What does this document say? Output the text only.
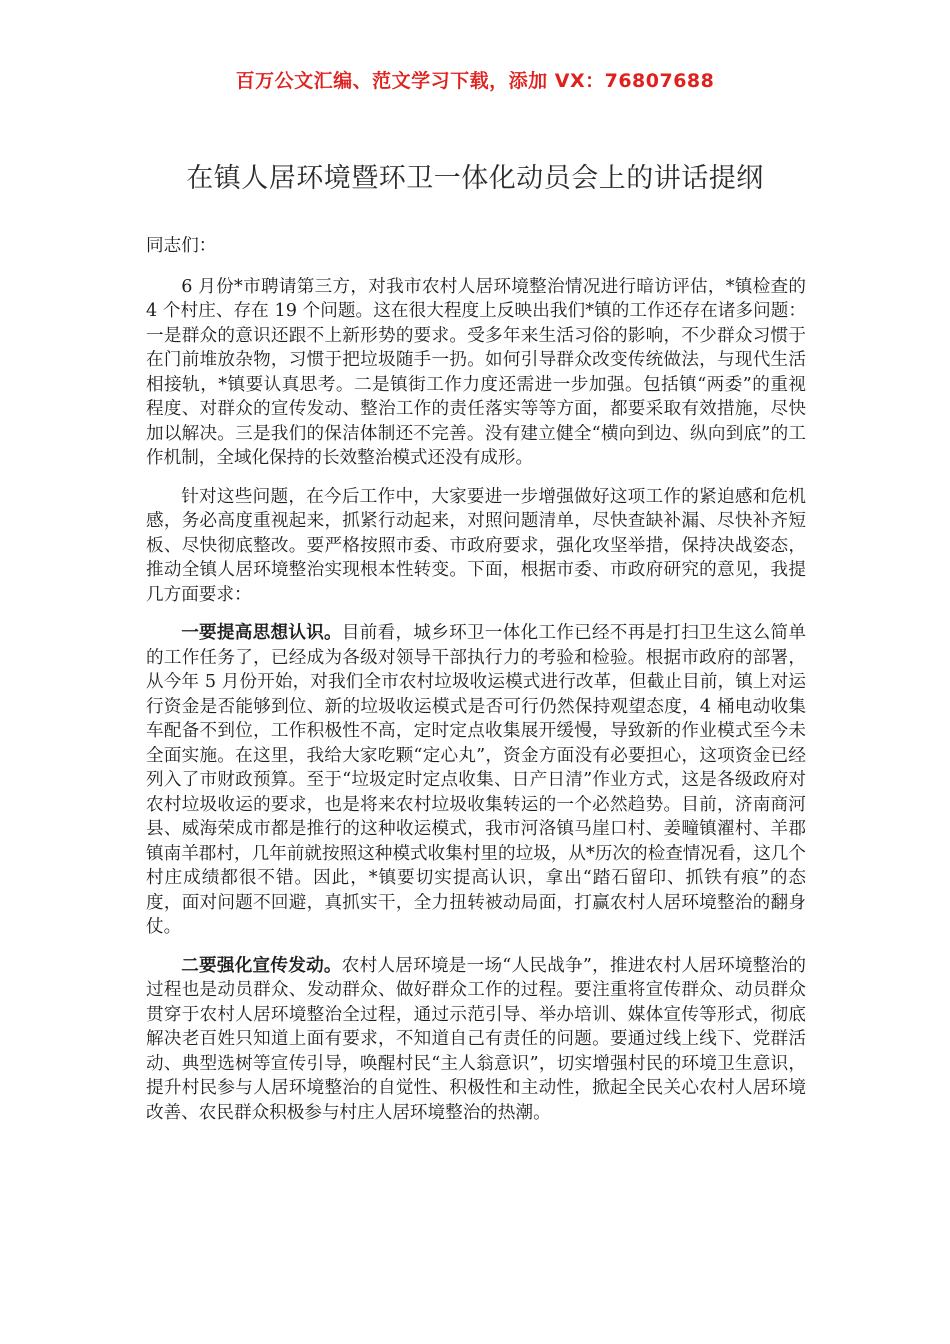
百万公文汇编、范文学习下载，添加 VX：76807688
在镇人居环境暨环卫一体化动员会上的讲话提纲

同志们：

6 月份*市聘请第三方，对我市农村人居环境整治情况进行暗访评估，*镇检查的 4 个村庄、存在 19 个问题。这在很大程度上反映出我们*镇的工作还存在诸多问题：一是群众的意识还跟不上新形势的要求。受多年来生活习俗的影响，不少群众习惯于在门前堆放杂物，习惯于把垃圾随手一扔。如何引导群众改变传统做法，与现代生活相接轨，*镇要认真思考。二是镇街工作力度还需进一步加强。包括镇“两委”的重视程度、对群众的宣传发动、整治工作的责任落实等等方面，都要采取有效措施，尽快加以解决。三是我们的保洁体制还不完善。没有建立健全“横向到边、纵向到底”的工作机制，全域化保持的长效整治模式还没有成形。

针对这些问题，在今后工作中，大家要进一步增强做好这项工作的紧迫感和危机感，务必高度重视起来，抓紧行动起来，对照问题清单，尽快查缺补漏、尽快补齐短板、尽快彻底整改。要严格按照市委、市政府要求，强化攻坚举措，保持决战姿态，推动全镇人居环境整治实现根本性转变。下面，根据市委、市政府研究的意见，我提几方面要求：

一要提高思想认识。目前看，城乡环卫一体化工作已经不再是打扫卫生这么简单的工作任务了，已经成为各级对领导干部执行力的考验和检验。根据市政府的部署，从今年 5 月份开始，对我们全市农村垃圾收运模式进行改革，但截止目前，镇上对运行资金是否能够到位、新的垃圾收运模式是否可行仍然保持观望态度，4 桶电动收集车配备不到位，工作积极性不高，定时定点收集展开缓慢，导致新的作业模式至今未全面实施。在这里，我给大家吃颗“定心丸”，资金方面没有必要担心，这项资金已经列入了市财政预算。至于“垃圾定时定点收集、日产日清”作业方式，这是各级政府对农村垃圾收运的要求，也是将来农村垃圾收集转运的一个必然趋势。目前，济南商河县、威海荣成市都是推行的这种收运模式，我市河洛镇马崖口村、姜疃镇濯村、羊郡镇南羊郡村，几年前就按照这种模式收集村里的垃圾，从*历次的检查情况看，这几个村庄成绩都很不错。因此，*镇要切实提高认识，拿出“踏石留印、抓铁有痕”的态度，面对问题不回避，真抓实干，全力扭转被动局面，打赢农村人居环境整治的翻身仗。

二要强化宣传发动。农村人居环境是一场“人民战争”，推进农村人居环境整治的过程也是动员群众、发动群众、做好群众工作的过程。要注重将宣传群众、动员群众贯穿于农村人居环境整治全过程，通过示范引导、举办培训、媒体宣传等形式，彻底解决老百姓只知道上面有要求，不知道自己有责任的问题。要通过线上线下、党群活动、典型选树等宣传引导，唤醒村民“主人翁意识”，切实增强村民的环境卫生意识，提升村民参与人居环境整治的自觉性、积极性和主动性，掀起全民关心农村人居环境改善、农民群众积极参与村庄人居环境整治的热潮。
